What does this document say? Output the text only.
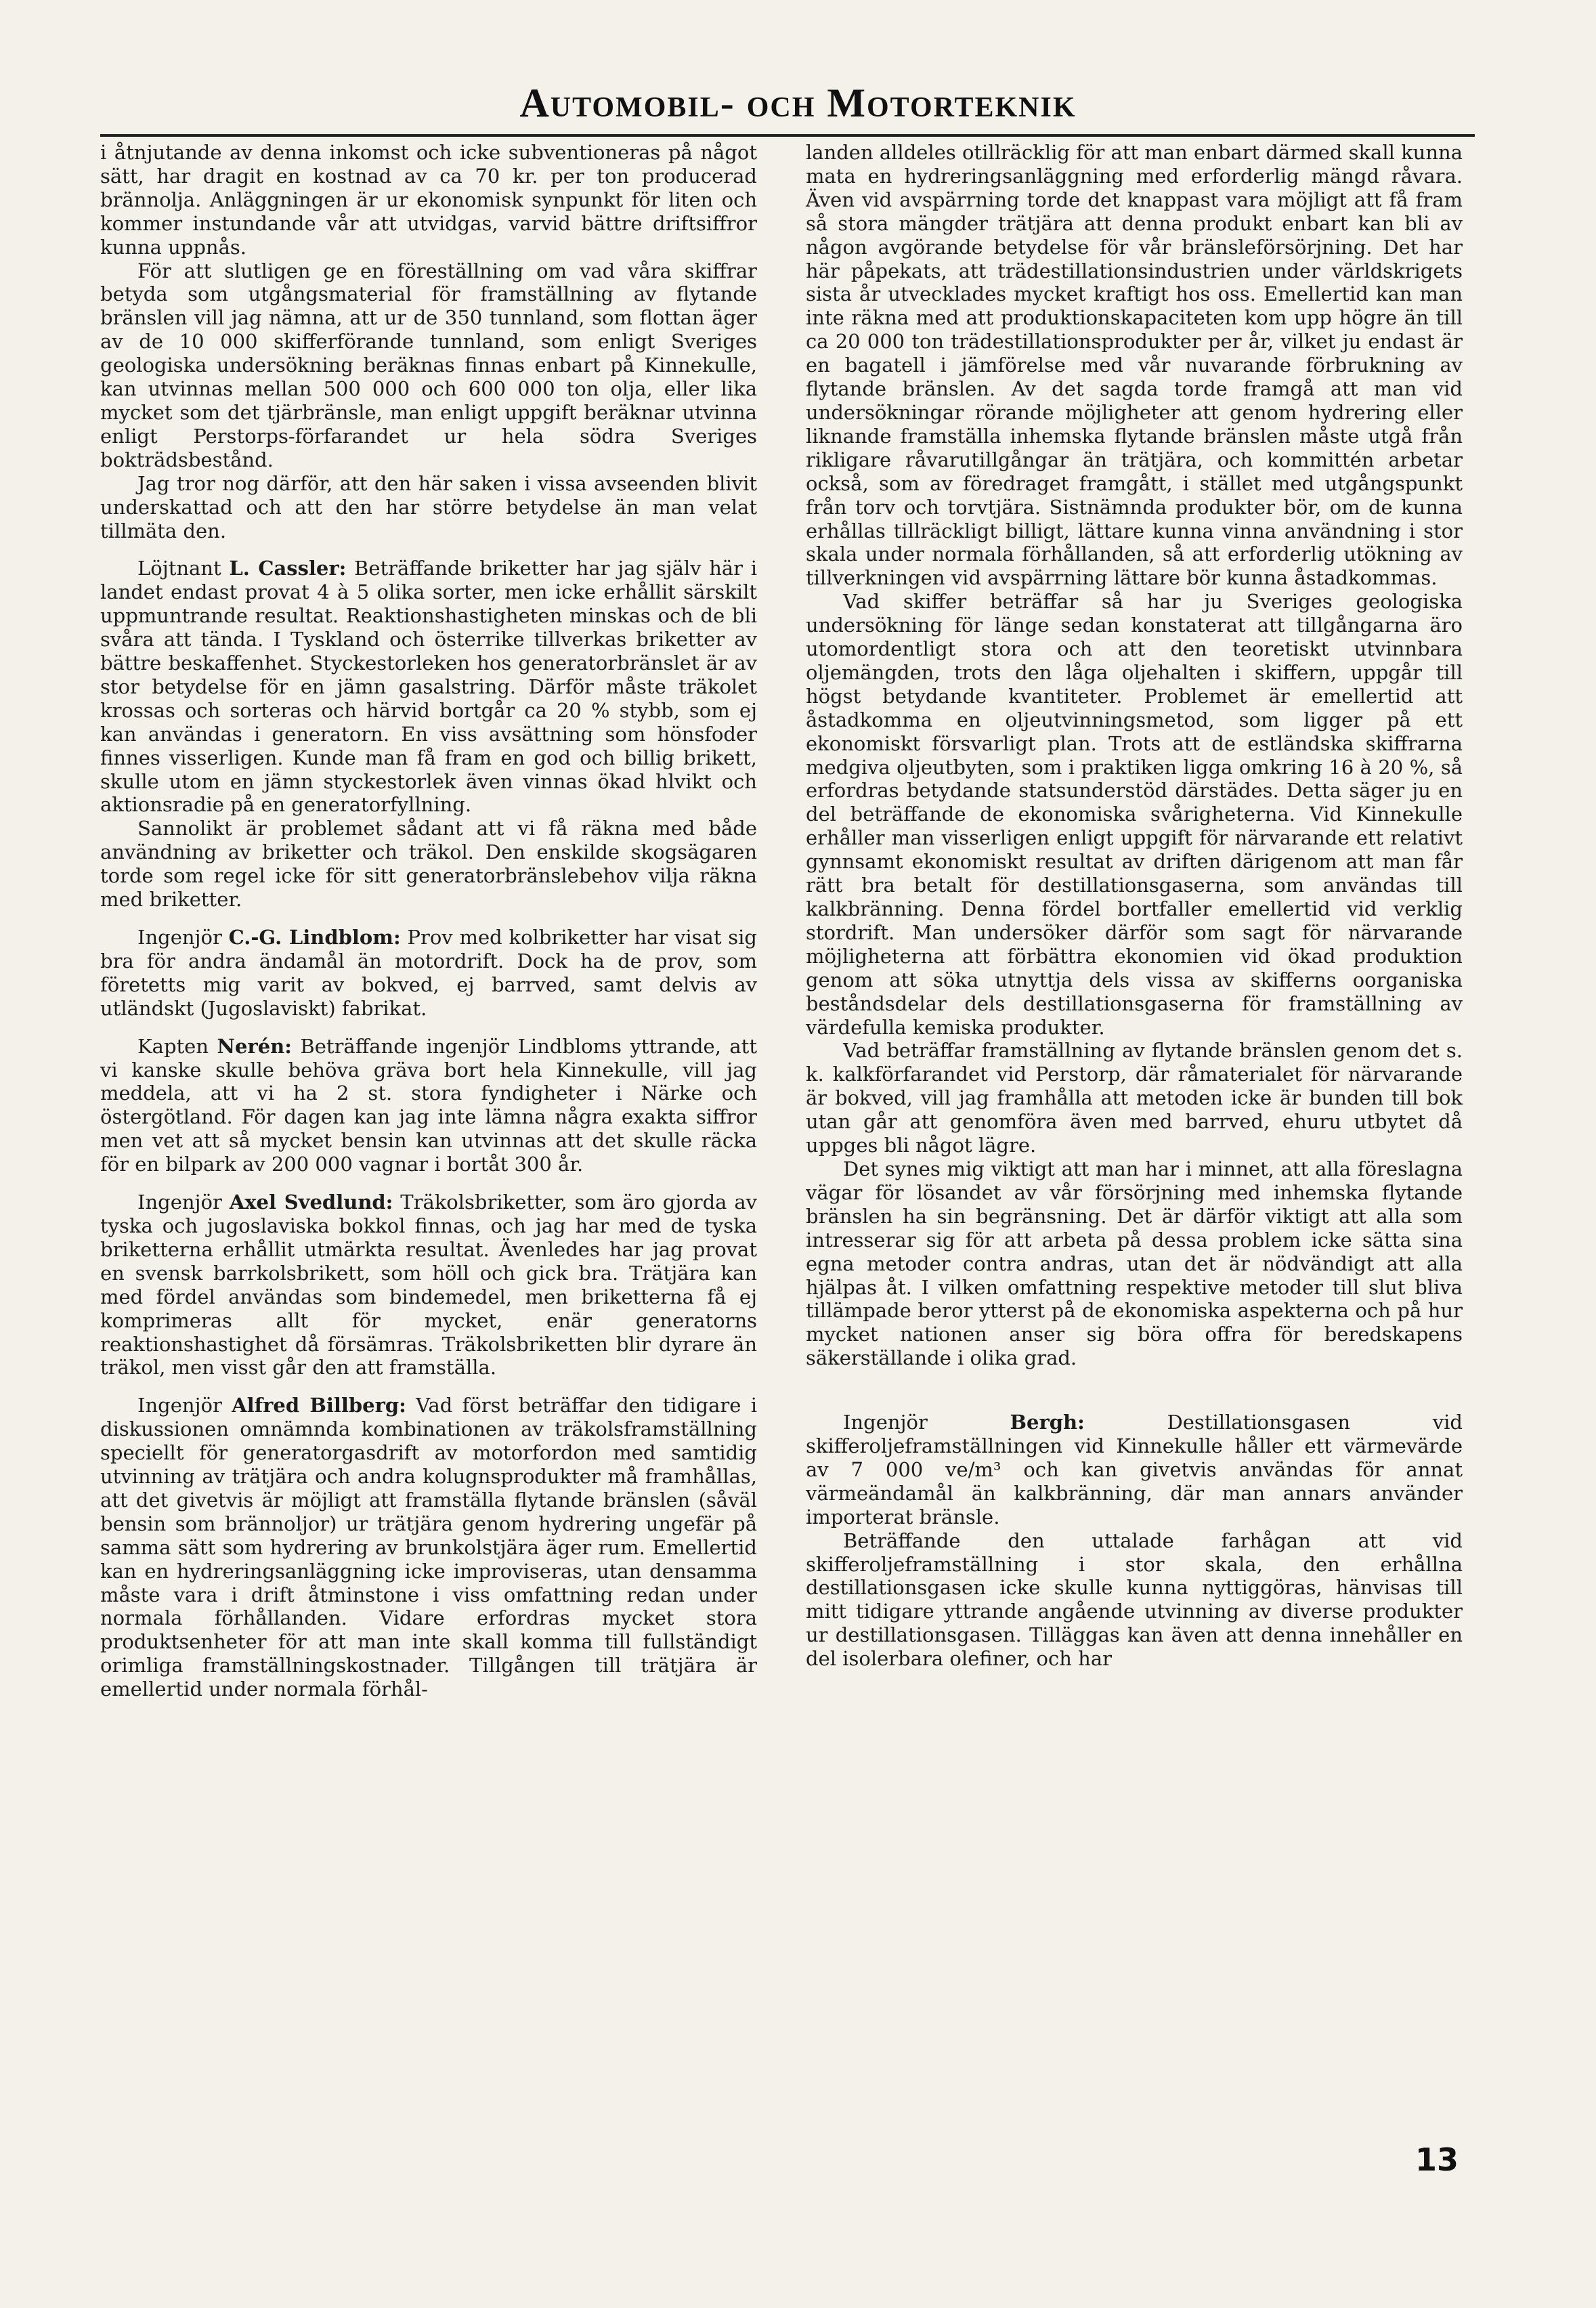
Automobil- och Motorteknik

i åtnjutande av denna inkomst och icke subventioneras på något sätt, har dragit en kostnad av ca 70 kr. per ton producerad brännolja. Anläggningen är ur ekonomisk synpunkt för liten och kommer instundande vår att utvidgas, varvid bättre driftsiffror kunna uppnås.

För att slutligen ge en föreställning om vad våra skiffrar betyda som utgångsmaterial för framställning av flytande bränslen vill jag nämna, att ur de 350 tunnland, som flottan äger av de 10 000 skifferförande tunnland, som enligt Sveriges geologiska undersökning beräknas finnas enbart på Kinnekulle, kan utvinnas mellan 500 000 och 600 000 ton olja, eller lika mycket som det tjärbränsle, man enligt uppgift beräknar utvinna enligt Perstorps-förfarandet ur hela södra Sveriges bokträdsbestånd.

Jag tror nog därför, att den här saken i vissa avseenden blivit underskattad och att den har större betydelse än man velat tillmäta den.

Löjtnant L. Cassler: Beträffande briketter har jag själv här i landet endast provat 4 à 5 olika sorter, men icke erhållit särskilt uppmuntrande resultat. Reaktionshastigheten minskas och de bli svåra att tända. I Tyskland och österrike tillverkas briketter av bättre beskaffenhet. Styckestorleken hos generatorbränslet är av stor betydelse för en jämn gasalstring. Därför måste träkolet krossas och sorteras och härvid bortgår ca 20 % stybb, som ej kan användas i generatorn. En viss avsättning som hönsfoder finnes visserligen. Kunde man få fram en god och billig brikett, skulle utom en jämn styckestorlek även vinnas ökad hlvikt och aktionsradie på en generatorfyllning.

Sannolikt är problemet sådant att vi få räkna med både användning av briketter och träkol. Den enskilde skogsägaren torde som regel icke för sitt generatorbränslebehov vilja räkna med briketter.

Ingenjör C.-G. Lindblom: Prov med kolbriketter har visat sig bra för andra ändamål än motordrift. Dock ha de prov, som företetts mig varit av bokved, ej barrved, samt delvis av utländskt (Jugoslaviskt) fabrikat.

Kapten Nerén: Beträffande ingenjör Lindbloms yttrande, att vi kanske skulle behöva gräva bort hela Kinnekulle, vill jag meddela, att vi ha 2 st. stora fyndigheter i Närke och östergötland. För dagen kan jag inte lämna några exakta siffror men vet att så mycket bensin kan utvinnas att det skulle räcka för en bilpark av 200 000 vagnar i bortåt 300 år.

Ingenjör Axel Svedlund: Träkolsbriketter, som äro gjorda av tyska och jugoslaviska bokkol finnas, och jag har med de tyska briketterna erhållit utmärkta resultat. Ävenledes har jag provat en svensk barrkolsbrikett, som höll och gick bra. Trätjära kan med fördel användas som bindemedel, men briketterna få ej komprimeras allt för mycket, enär generatorns reaktionshastighet då försämras. Träkolsbriketten blir dyrare än träkol, men visst går den att framställa.

Ingenjör Alfred Billberg: Vad först beträffar den tidigare i diskussionen omnämnda kombinationen av träkolsframställning speciellt för generatorgasdrift av motorfordon med samtidig utvinning av trätjära och andra kolugnsprodukter må framhållas, att det givetvis är möjligt att framställa flytande bränslen (såväl bensin som brännoljor) ur trätjära genom hydrering ungefär på samma sätt som hydrering av brunkolstjära äger rum. Emellertid kan en hydreringsanläggning icke improviseras, utan densamma måste vara i drift åtminstone i viss omfattning redan under normala förhållanden. Vidare erfordras mycket stora produktsenheter för att man inte skall komma till fullständigt orimliga framställningskostnader. Tillgången till trätjära är emellertid under normala förhål-

landen alldeles otillräcklig för att man enbart därmed skall kunna mata en hydreringsanläggning med erforderlig mängd råvara. Även vid avspärrning torde det knappast vara möjligt att få fram så stora mängder trätjära att denna produkt enbart kan bli av någon avgörande betydelse för vår bränsleförsörjning. Det har här påpekats, att trädestillationsindustrien under världskrigets sista år utvecklades mycket kraftigt hos oss. Emellertid kan man inte räkna med att produktionskapaciteten kom upp högre än till ca 20 000 ton trädestillationsprodukter per år, vilket ju endast är en bagatell i jämförelse med vår nuvarande förbrukning av flytande bränslen. Av det sagda torde framgå att man vid undersökningar rörande möjligheter att genom hydrering eller liknande framställa inhemska flytande bränslen måste utgå från rikligare råvarutillgångar än trätjära, och kommittén arbetar också, som av föredraget framgått, i stället med utgångspunkt från torv och torvtjära. Sistnämnda produkter bör, om de kunna erhållas tillräckligt billigt, lättare kunna vinna användning i stor skala under normala förhållanden, så att erforderlig utökning av tillverkningen vid avspärrning lättare bör kunna åstadkommas.

Vad skiffer beträffar så har ju Sveriges geologiska undersökning för länge sedan konstaterat att tillgångarna äro utomordentligt stora och att den teoretiskt utvinnbara oljemängden, trots den låga oljehalten i skiffern, uppgår till högst betydande kvantiteter. Problemet är emellertid att åstadkomma en oljeutvinningsmetod, som ligger på ett ekonomiskt försvarligt plan. Trots att de estländska skiffrarna medgiva oljeutbyten, som i praktiken ligga omkring 16 à 20 %, så erfordras betydande statsunderstöd därstädes. Detta säger ju en del beträffande de ekonomiska svårigheterna. Vid Kinnekulle erhåller man visserligen enligt uppgift för närvarande ett relativt gynnsamt ekonomiskt resultat av driften därigenom att man får rätt bra betalt för destillationsgaserna, som användas till kalkbränning. Denna fördel bortfaller emellertid vid verklig stordrift. Man undersöker därför som sagt för närvarande möjligheterna att förbättra ekonomien vid ökad produktion genom att söka utnyttja dels vissa av skifferns oorganiska beståndsdelar dels destillationsgaserna för framställning av värdefulla kemiska produkter.

Vad beträffar framställning av flytande bränslen genom det s. k. kalkförfarandet vid Perstorp, där råmaterialet för närvarande är bokved, vill jag framhålla att metoden icke är bunden till bok utan går att genomföra även med barrved, ehuru utbytet då uppges bli något lägre.

Det synes mig viktigt att man har i minnet, att alla föreslagna vägar för lösandet av vår försörjning med inhemska flytande bränslen ha sin begränsning. Det är därför viktigt att alla som intresserar sig för att arbeta på dessa problem icke sätta sina egna metoder contra andras, utan det är nödvändigt att alla hjälpas åt. I vilken omfattning respektive metoder till slut bliva tillämpade beror ytterst på de ekonomiska aspekterna och på hur mycket nationen anser sig böra offra för beredskapens säkerställande i olika grad.

Ingenjör Bergh: Destillationsgasen vid skifferoljeframställningen vid Kinnekulle håller ett värmevärde av 7 000 ve/m³ och kan givetvis användas för annat värmeändamål än kalkbränning, där man annars använder importerat bränsle.

Beträffande den uttalade farhågan att vid skifferoljeframställning i stor skala, den erhållna destillationsgasen icke skulle kunna nyttiggöras, hänvisas till mitt tidigare yttrande angående utvinning av diverse produkter ur destillationsgasen. Tilläggas kan även att denna innehåller en del isolerbara olefiner, och har

13
